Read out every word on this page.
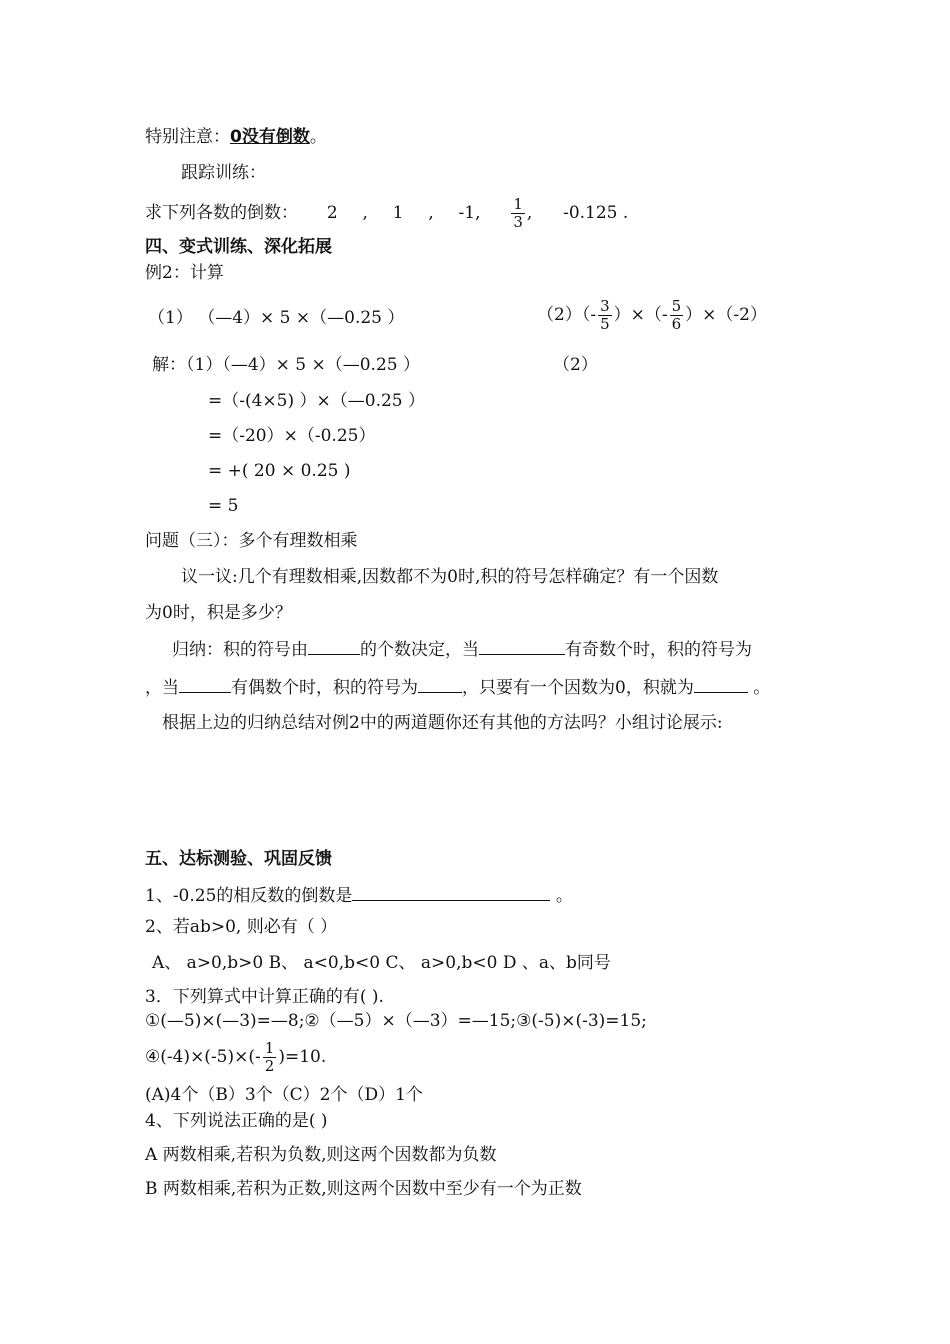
特别注意：0没有倒数。
跟踪训练：
求下列各数的倒数： 2 , 1 , -1, $\frac{1}{3}$ , -0.125 .
四、变式训练、深化拓展
例2：计算
（1） （—4）× 5 ×（—0.25 ）	$(2)(- \frac{3}{5}$ ）×（- $\frac{5}{6} )\times(-2)$
解：（1）（—4）× 5 ×（—0.25 ）	（2）
=（-(4×5) ）×（—0.25 ）
=（-20）×（-0.25）
= +( 20 × 0.25 )
= 5
问题（三）：多个有理数相乘
议一议:几个有理数相乘,因数都不为0时,积的符号怎样确定？有一个因数
为0时，积是多少？
归纳：积的符号由	的个数决定，当	有奇数个时，积的符号为
，当	有偶数个时，积的符号为	，只要有一个因数为0，积就为	。
根据上边的归纳总结对例2中的两道题你还有其他的方法吗？小组讨论展示:
五、达标测验、巩固反馈
1、-0.25的相反数的倒数是	。
2、若ab>0, 则必有（ ）
A、 a>0,b>0 B、 a<0,b<0 C、 a>0,b<0 D 、a、b同号
3．下列算式中计算正确的有( ).
①(—5)×(—3)=—8;②（—5）×（—3）=—15;③(-5)×(-3)=15;
④(-4)×(-5)×(- $\frac{1}{2} )=10$.
(A)4个（B）3个（C）2个（D）1个
4、下列说法正确的是( )
A 两数相乘,若积为负数,则这两个因数都为负数
B 两数相乘,若积为正数,则这两个因数中至少有一个为正数
